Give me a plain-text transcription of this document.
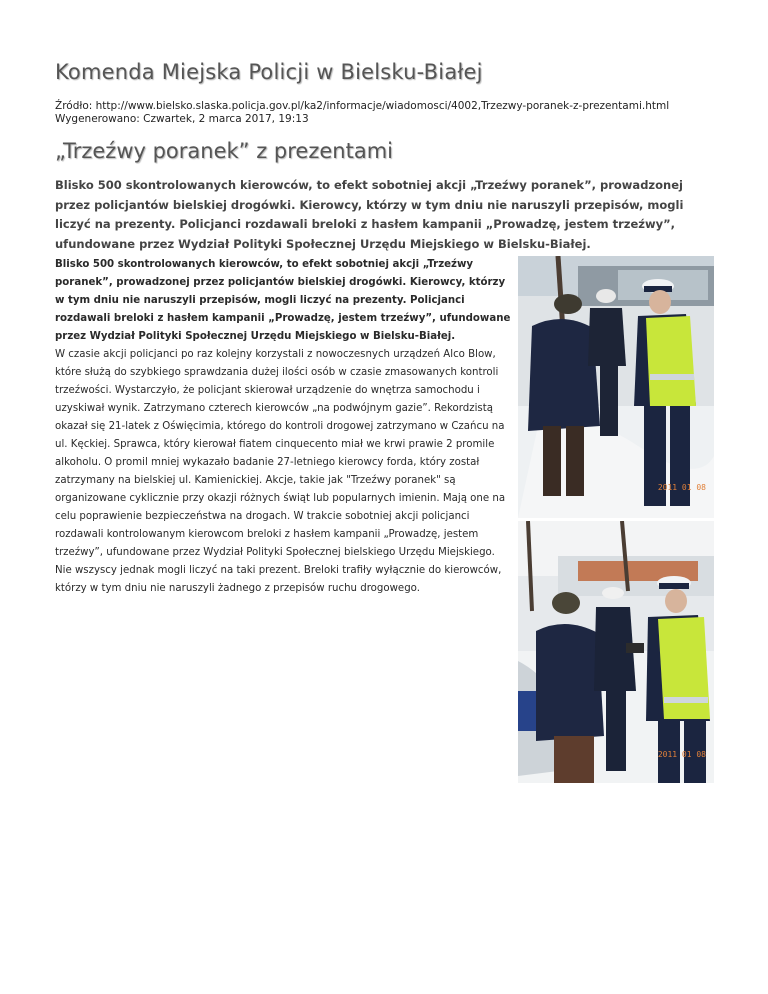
Komenda Miejska Policji w Bielsku-Białej
Źródło: http://www.bielsko.slaska.policja.gov.pl/ka2/informacje/wiadomosci/4002,Trzezwy-poranek-z-prezentami.html
Wygenerowano: Czwartek, 2 marca 2017, 19:13
„Trzeźwy poranek” z prezentami
Blisko 500 skontrolowanych kierowców, to efekt sobotniej akcji „Trzeźwy poranek”, prowadzonej przez policjantów bielskiej drogówki. Kierowcy, którzy w tym dniu nie naruszyli przepisów, mogli liczyć na prezenty. Policjanci rozdawali breloki z hasłem kampanii „Prowadzę, jestem trzeźwy”, ufundowane przez Wydział Polityki Społecznej Urzędu Miejskiego w Bielsku-Białej.

Blisko 500 skontrolowanych kierowców, to efekt sobotniej akcji „Trzeźwy poranek”, prowadzonej przez policjantów bielskiej drogówki. Kierowcy, którzy w tym dniu nie naruszyli przepisów, mogli liczyć na prezenty. Policjanci rozdawali breloki z hasłem kampanii „Prowadzę, jestem trzeźwy”, ufundowane przez Wydział Polityki Społecznej Urzędu Miejskiego w Bielsku-Białej.

W czasie akcji policjanci po raz kolejny korzystali z nowoczesnych urządzeń Alco Blow, które służą do szybkiego sprawdzania dużej ilości osób w czasie zmasowanych kontroli trzeźwości. Wystarczyło, że policjant skierował urządzenie do wnętrza samochodu i uzyskiwał wynik. Zatrzymano czterech kierowców „na podwójnym gazie”. Rekordzistą okazał się 21-latek z Oświęcimia, którego do kontroli drogowej zatrzymano w Czańcu na ul. Kęckiej. Sprawca, który kierował fiatem cinquecento miał we krwi prawie 2 promile alkoholu. O promil mniej wykazało badanie 27-letniego kierowcy forda, który został zatrzymany na bielskiej ul. Kamienickiej. Akcje, takie jak "Trzeźwy poranek" są organizowane cyklicznie przy okazji różnych świąt lub popularnych imienin. Mają one na celu poprawienie bezpieczeństwa na drogach. W trakcie sobotniej akcji policjanci rozdawali kontrolowanym kierowcom breloki z hasłem kampanii „Prowadzę, jestem trzeźwy”, ufundowane przez Wydział Polityki Społecznej bielskiego Urzędu Miejskiego. Nie wszyscy jednak mogli liczyć na taki prezent. Breloki trafiły wyłącznie do kierowców, którzy w tym dniu nie naruszyli żadnego z przepisów ruchu drogowego.

2011 01 08
2011 01 08
